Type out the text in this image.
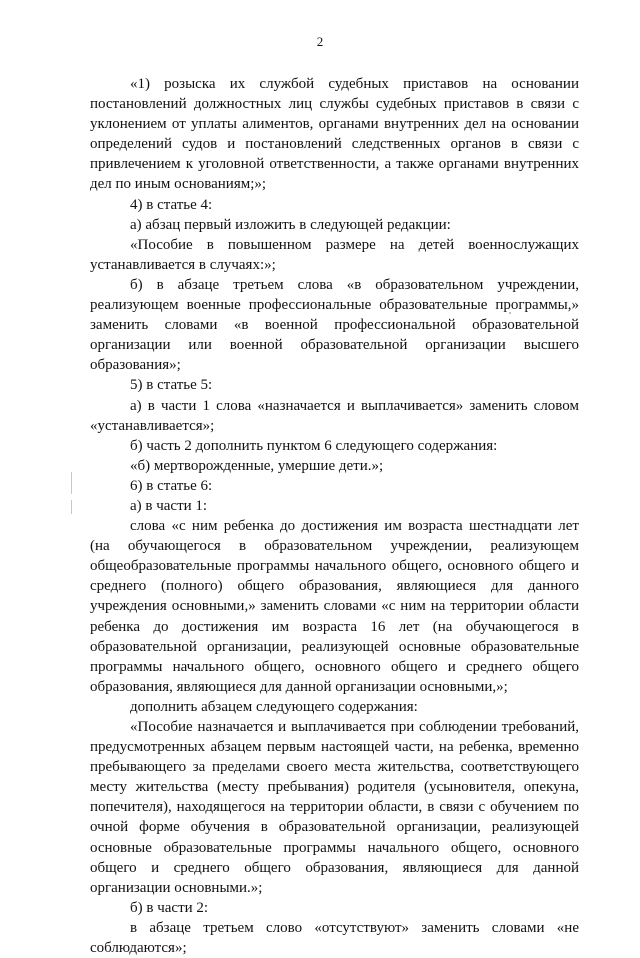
2

«1) розыска их службой судебных приставов на основании постановлений должностных лиц службы судебных приставов в связи с уклонением от уплаты алиментов, органами внутренних дел на основании определений судов и постановлений следственных органов в связи с привлечением к уголовной ответственности, а также органами внутренних дел по иным основаниям;»;

4) в статье 4:

а) абзац первый изложить в следующей редакции:

«Пособие в повышенном размере на детей военнослужащих устанавливается в случаях:»;

б) в абзаце третьем слова «в образовательном учреждении, реализующем военные профессиональные образовательные программы,» заменить словами «в военной профессиональной образовательной организации или военной образовательной организации высшего образования»;

5) в статье 5:

а) в части 1 слова «назначается и выплачивается» заменить словом «устанавливается»;

б) часть 2 дополнить пунктом 6 следующего содержания:

«б) мертворожденные, умершие дети.»;

6) в статье 6:

а) в части 1:

слова «с ним ребенка до достижения им возраста шестнадцати лет (на обучающегося в образовательном учреждении, реализующем общеобразовательные программы начального общего, основного общего и среднего (полного) общего образования, являющиеся для данного учреждения основными,» заменить словами «с ним на территории области ребенка до достижения им возраста 16 лет (на обучающегося в образовательной организации, реализующей основные образовательные программы начального общего, основного общего и среднего общего образования, являющиеся для данной организации основными,»;

дополнить абзацем следующего содержания:

«Пособие назначается и выплачивается при соблюдении требований, предусмотренных абзацем первым настоящей части, на ребенка, временно пребывающего за пределами своего места жительства, соответствующего месту жительства (месту пребывания) родителя (усыновителя, опекуна, попечителя), находящегося на территории области, в связи с обучением по очной форме обучения в образовательной организации, реализующей основные образовательные программы начального общего, основного общего и среднего общего образования, являющиеся для данной организации основными.»;

б) в части 2:

в абзаце третьем слово «отсутствуют» заменить словами «не соблюдаются»;
